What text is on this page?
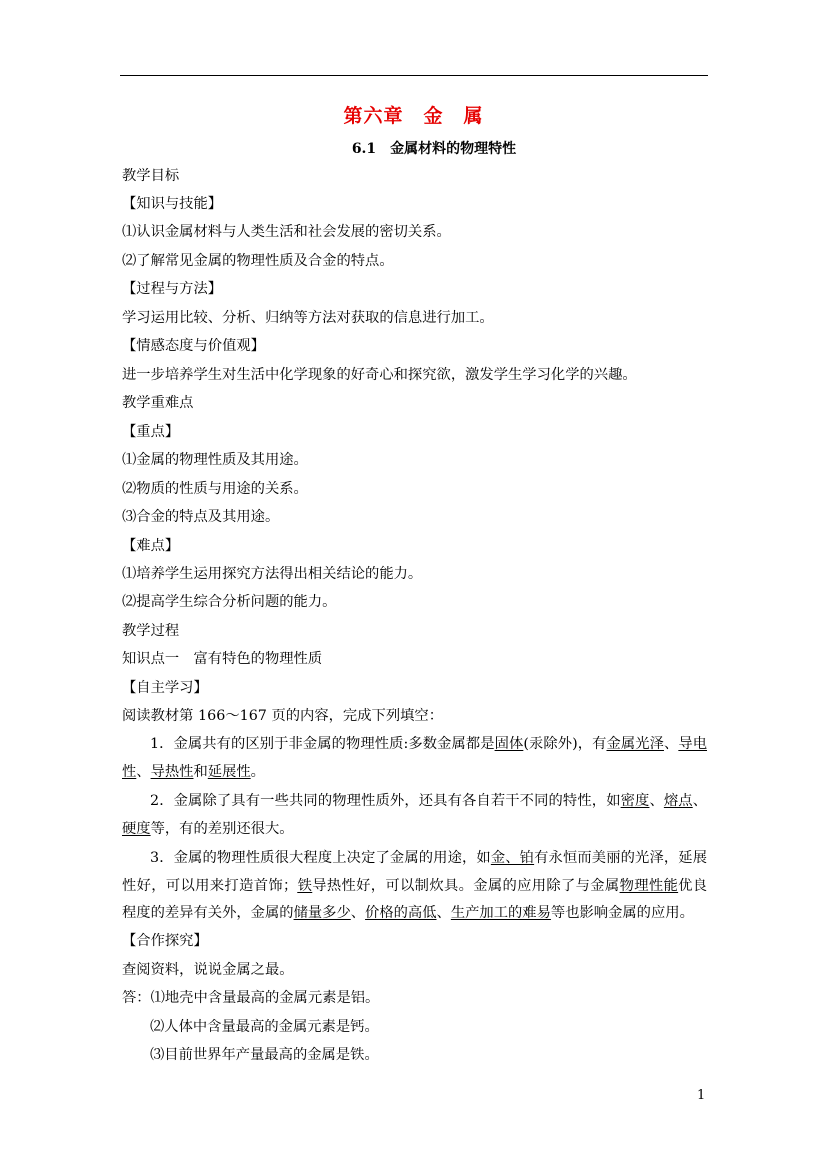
第六章　金　属
6.1　金属材料的物理特性
教学目标
【知识与技能】
⑴认识金属材料与人类生活和社会发展的密切关系。
⑵了解常见金属的物理性质及合金的特点。
【过程与方法】
学习运用比较、分析、归纳等方法对获取的信息进行加工。
【情感态度与价值观】
进一步培养学生对生活中化学现象的好奇心和探究欲，激发学生学习化学的兴趣。
教学重难点
【重点】
⑴金属的物理性质及其用途。
⑵物质的性质与用途的关系。
⑶合金的特点及其用途。
【难点】
⑴培养学生运用探究方法得出相关结论的能力。
⑵提高学生综合分析问题的能力。
教学过程
知识点一　富有特色的物理性质
【自主学习】
阅读教材第 166～167 页的内容，完成下列填空：
1．金属共有的区别于非金属的物理性质:多数金属都是固体(汞除外)，有金属光泽、导电性、导热性和延展性。
2．金属除了具有一些共同的物理性质外，还具有各自若干不同的特性，如密度、熔点、硬度等，有的差别还很大。
3．金属的物理性质很大程度上决定了金属的用途，如金、铂有永恒而美丽的光泽，延展性好，可以用来打造首饰；铁导热性好，可以制炊具。金属的应用除了与金属物理性能优良程度的差异有关外，金属的储量多少、价格的高低、生产加工的难易等也影响金属的应用。
【合作探究】
查阅资料，说说金属之最。
答：⑴地壳中含量最高的金属元素是铝。
⑵人体中含量最高的金属元素是钙。
⑶目前世界年产量最高的金属是铁。
1
